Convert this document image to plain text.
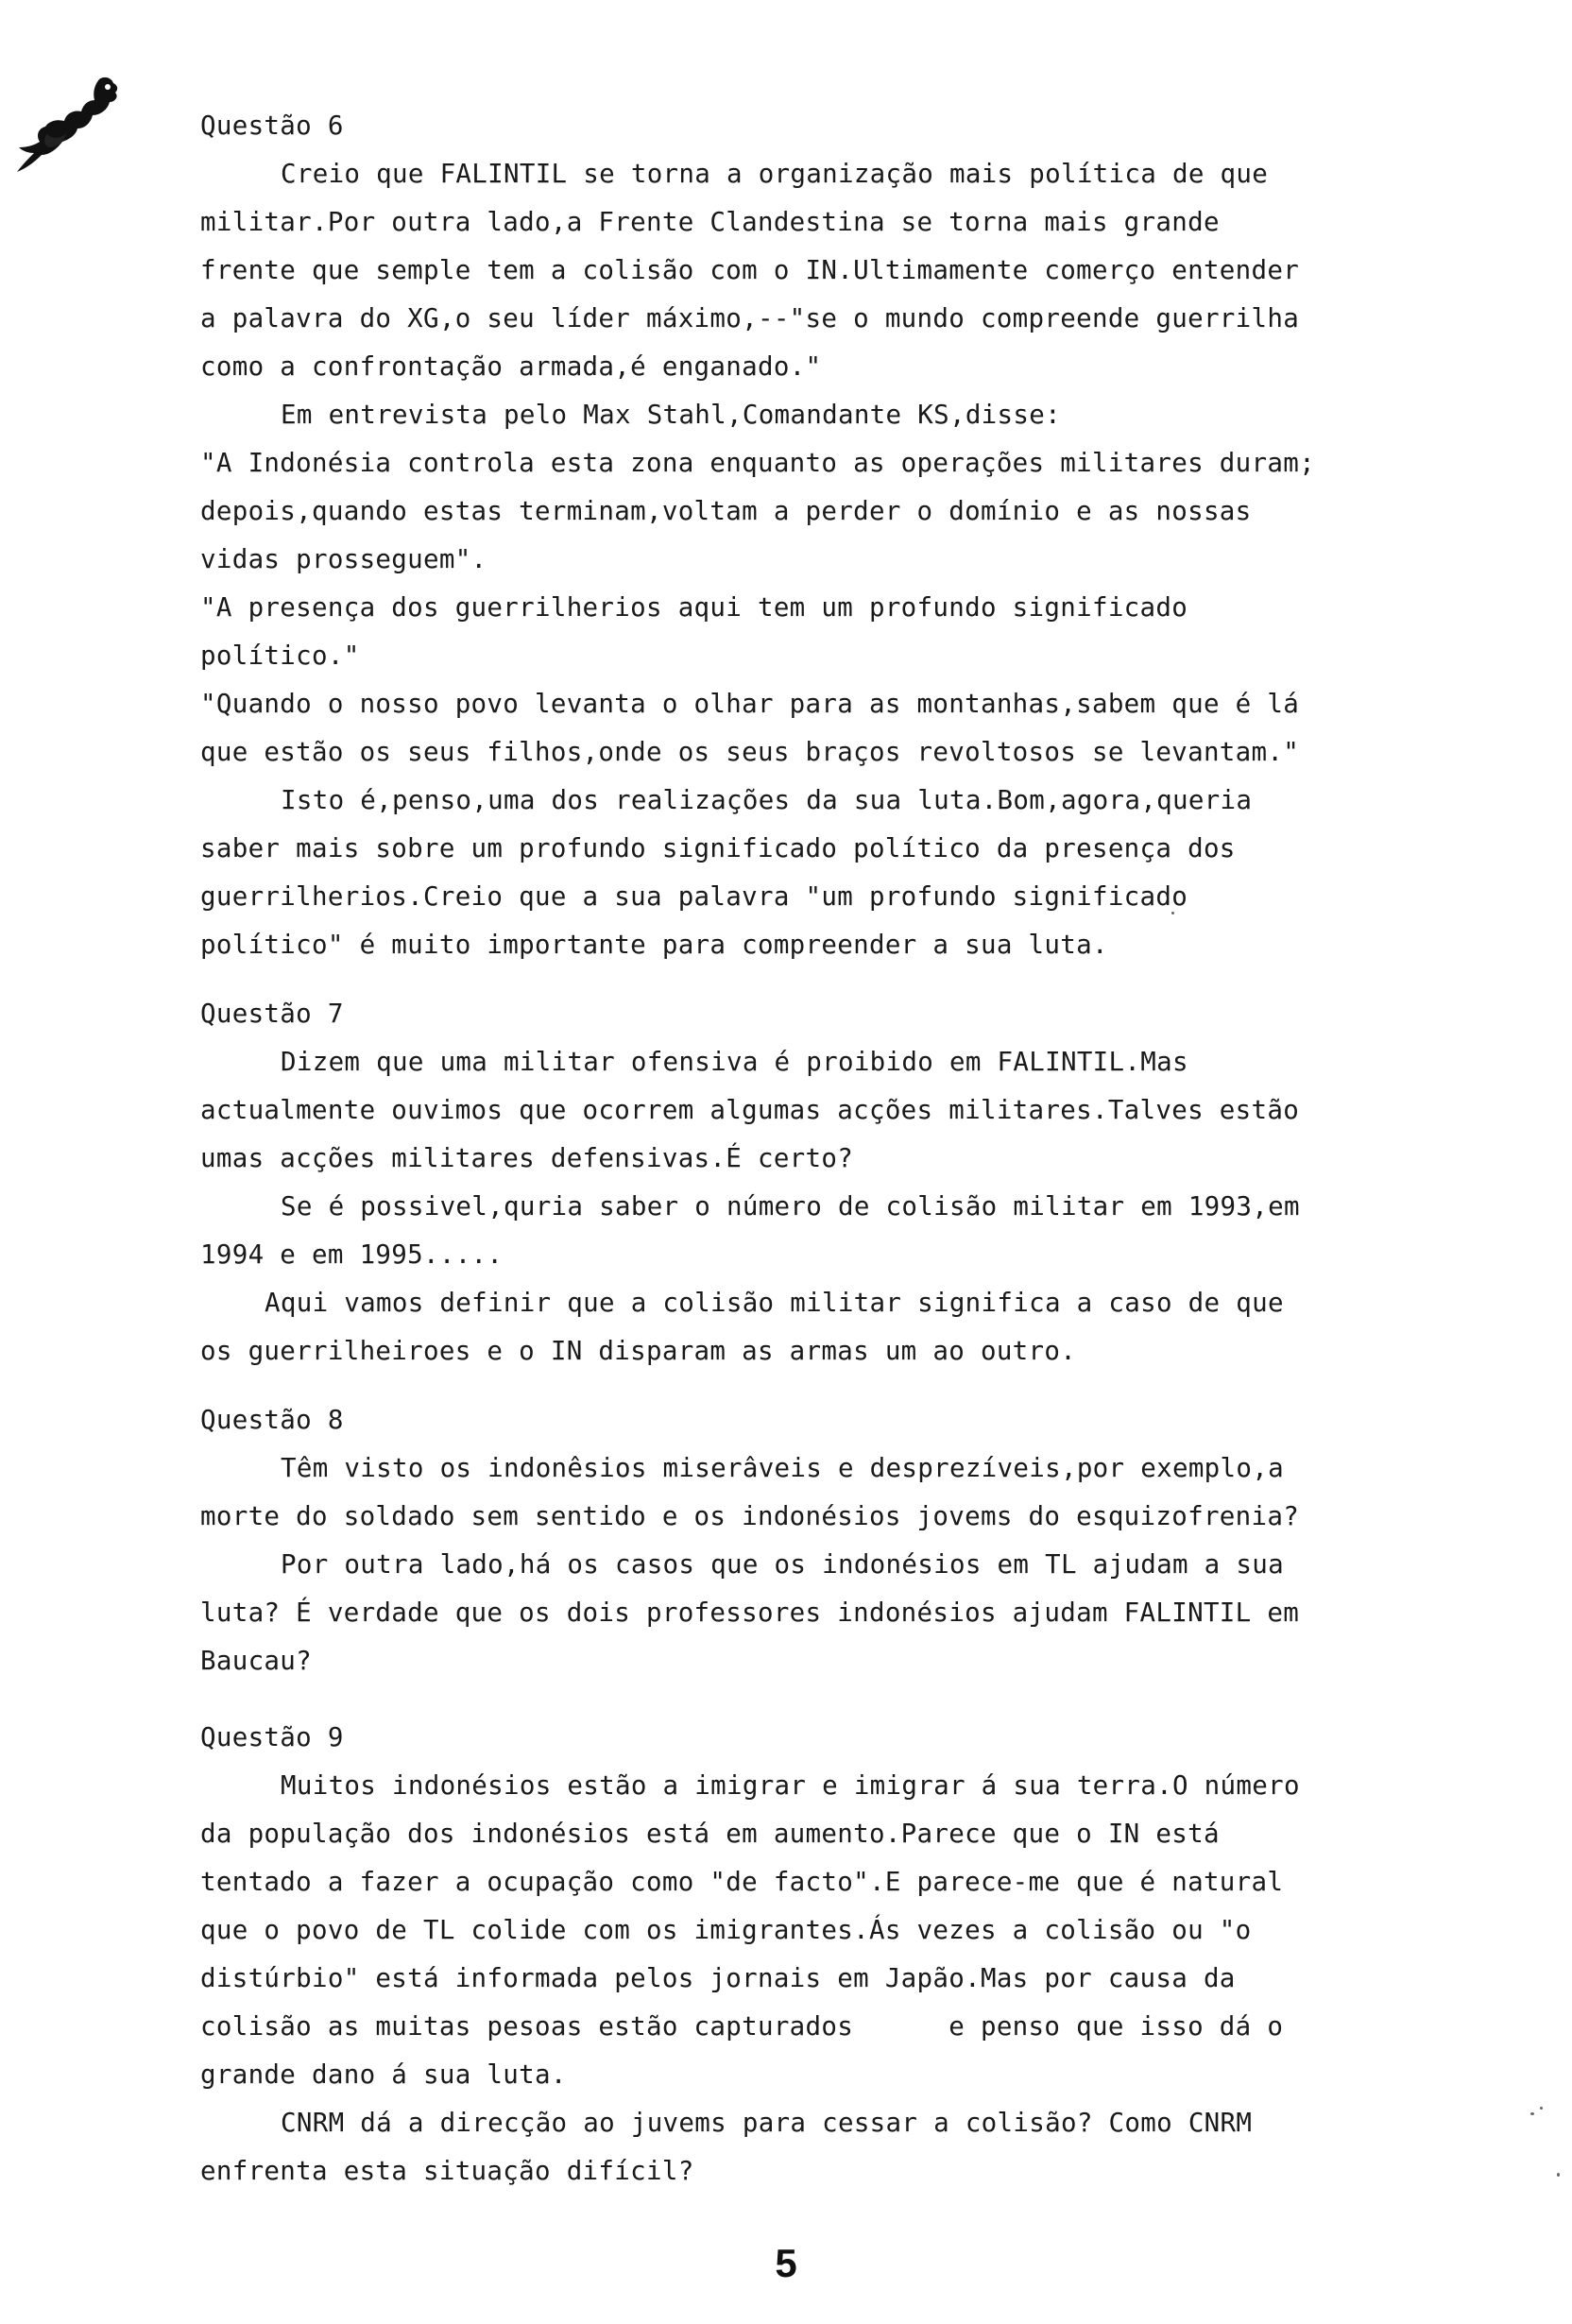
Questão 6
Creio que FALINTIL se torna a organização mais política de que
militar.Por outra lado,a Frente Clandestina se torna mais grande
frente que semple tem a colisão com o IN.Ultimamente comerço entender
a palavra do XG,o seu líder máximo,--"se o mundo compreende guerrilha
como a confrontação armada,é enganado."
Em entrevista pelo Max Stahl,Comandante KS,disse:
"A Indonésia controla esta zona enquanto as operações militares duram;
depois,quando estas terminam,voltam a perder o domínio e as nossas
vidas prosseguem".
"A presença dos guerrilherios aqui tem um profundo significado
político."
"Quando o nosso povo levanta o olhar para as montanhas,sabem que é lá
que estão os seus filhos,onde os seus braços revoltosos se levantam."
Isto é,penso,uma dos realizações da sua luta.Bom,agora,queria
saber mais sobre um profundo significado político da presença dos
guerrilherios.Creio que a sua palavra "um profundo significado
político" é muito importante para compreender a sua luta.
Questão 7
Dizem que uma militar ofensiva é proibido em FALINTIL.Mas
actualmente ouvimos que ocorrem algumas acções militares.Talves estão
umas acções militares defensivas.É certo?
Se é possivel,quria saber o número de colisão militar em 1993,em
1994 e em 1995.....
Aqui vamos definir que a colisão militar significa a caso de que
os guerrilheiroes e o IN disparam as armas um ao outro.
Questão 8
Têm visto os indonêsios miserâveis e desprezíveis,por exemplo,a
morte do soldado sem sentido e os indonésios jovems do esquizofrenia?
Por outra lado,há os casos que os indonésios em TL ajudam a sua
luta? É verdade que os dois professores indonésios ajudam FALINTIL em
Baucau?
Questão 9
Muitos indonésios estão a imigrar e imigrar á sua terra.O número
da população dos indonésios está em aumento.Parece que o IN está
tentado a fazer a ocupação como "de facto".E parece-me que é natural
que o povo de TL colide com os imigrantes.Ás vezes a colisão ou "o
distúrbio" está informada pelos jornais em Japão.Mas por causa da
colisão as muitas pesoas estão capturados      e penso que isso dá o
grande dano á sua luta.
CNRM dá a direcção ao juvems para cessar a colisão? Como CNRM
enfrenta esta situação difícil?
5
